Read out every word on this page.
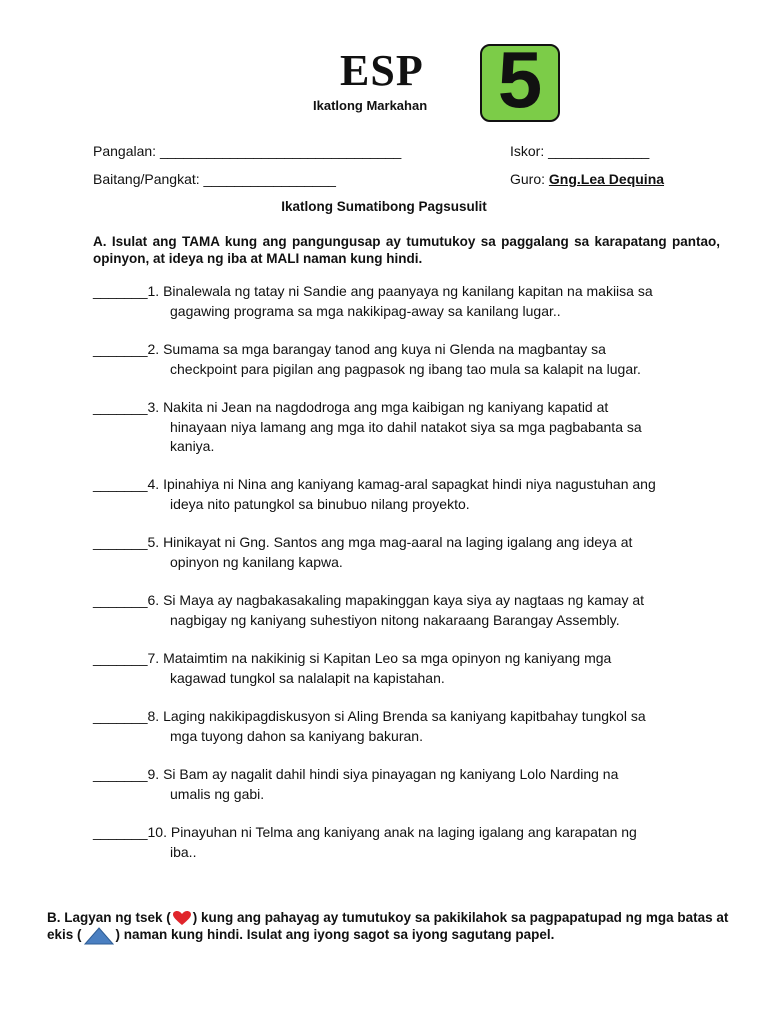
ESP
Ikatlong Markahan 5
Pangalan: _______________________________	Iskor: _____________
Baitang/Pangkat: _________________	Guro: Gng.Lea Dequina
Ikatlong Sumatibong Pagsusulit
A. Isulat ang TAMA kung ang pangungusap ay tumutukoy sa paggalang sa karapatang pantao, opinyon, at ideya ng iba at MALI naman kung hindi.
_______1. Binalewala ng tatay ni Sandie ang paanyaya ng kanilang kapitan na makiisa sa
gagawing programa sa mga nakikipag-away sa kanilang lugar..
_______2. Sumama sa mga barangay tanod ang kuya ni Glenda na magbantay sa
checkpoint para pigilan ang pagpasok ng ibang tao mula sa kalapit na lugar.
_______3. Nakita ni Jean na nagdodroga ang mga kaibigan ng kaniyang kapatid at
hinayaan niya lamang ang mga ito dahil natakot siya sa mga pagbabanta sa
kaniya.
_______4. Ipinahiya ni Nina ang kaniyang kamag-aral sapagkat hindi niya nagustuhan ang
ideya nito patungkol sa binubuo nilang proyekto.
_______5. Hinikayat ni Gng. Santos ang mga mag-aaral na laging igalang ang ideya at
opinyon ng kanilang kapwa.
_______6. Si Maya ay nagbakasakaling mapakinggan kaya siya ay nagtaas ng kamay at
nagbigay ng kaniyang suhestiyon nitong nakaraang Barangay Assembly.
_______7. Mataimtim na nakikinig si Kapitan Leo sa mga opinyon ng kaniyang mga
kagawad tungkol sa nalalapit na kapistahan.
_______8. Laging nakikipagdiskusyon si Aling Brenda sa kaniyang kapitbahay tungkol sa
mga tuyong dahon sa kaniyang bakuran.
_______9. Si Bam ay nagalit dahil hindi siya pinayagan ng kaniyang Lolo Narding na
umalis ng gabi.
_______10. Pinayuhan ni Telma ang kaniyang anak na laging igalang ang karapatan ng
iba..
B. Lagyan ng tsek ( ) kung ang pahayag ay tumutukoy sa pakikilahok sa pagpapatupad ng mga batas at ekis (	) naman kung hindi. Isulat ang iyong sagot sa iyong sagutang papel.
